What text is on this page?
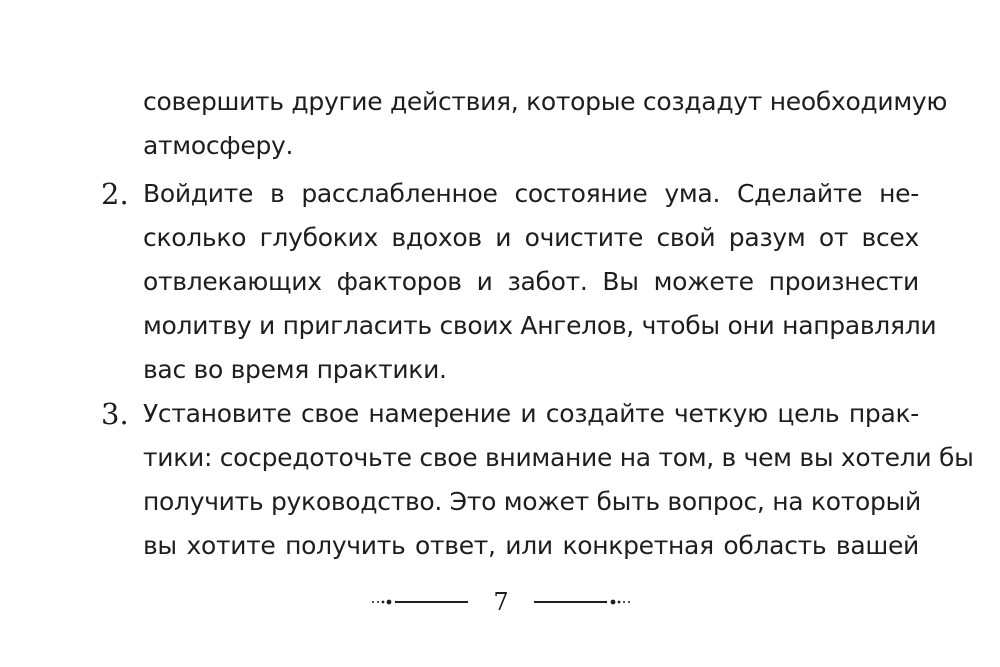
совершить другие действия, которые создадут необходимую
атмосферу.
2. Войдите в расслабленное состояние ума. Сделайте не-
сколько глубоких вдохов и очистите свой разум от всех
отвлекающих факторов и забот. Вы можете произнести
молитву и пригласить своих Ангелов, чтобы они направляли
вас во время практики.
3. Установите свое намерение и создайте четкую цель прак-
тики: сосредоточьте свое внимание на том, в чем вы хотели бы
получить руководство. Это может быть вопрос, на который
вы хотите получить ответ, или конкретная область вашей
7
